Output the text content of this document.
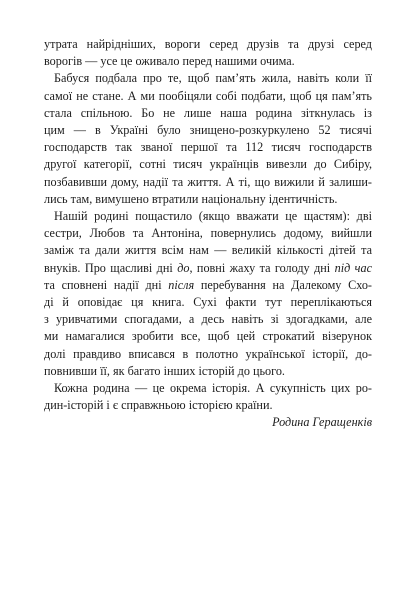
утрата найрідніших, вороги серед друзів та друзі серед
ворогів — усе це оживало перед нашими очима.
Бабуся подбала про те, щоб пам’ять жила, навіть коли її
самої не стане. А ми пообіцяли собі подбати, щоб ця пам’ять
стала спільною. Бо не лише наша родина зіткнулась із
цим — в Україні було знищено-розкуркулено 52 тисячі
господарств так званої першої та 112 тисяч господарств
другої категорії, сотні тисяч українців вивезли до Сибіру,
позбавивши дому, надії та життя. А ті, що вижили й залиши-
лись там, вимушено втратили національну ідентичність.
Нашій родині пощастило (якщо вважати це щастям): дві
сестри, Любов та Антоніна, повернулись додому, вийшли
заміж та дали життя всім нам — великій кількості дітей та
внуків. Про щасливі дні до, повні жаху та голоду дні під час
та сповнені надії дні після перебування на Далекому Схо-
ді й оповідає ця книга. Сухі факти тут переплікаються
з уривчатими спогадами, а десь навіть зі здогадками, але
ми намагалися зробити все, щоб цей строкатий візерунок
долі правдиво вписався в полотно української історії, до-
повнивши її, як багато інших історій до цього.
Кожна родина — це окрема історія. А сукупність цих ро-
дин-історій і є справжньою історією країни.
Родина Геращенків
